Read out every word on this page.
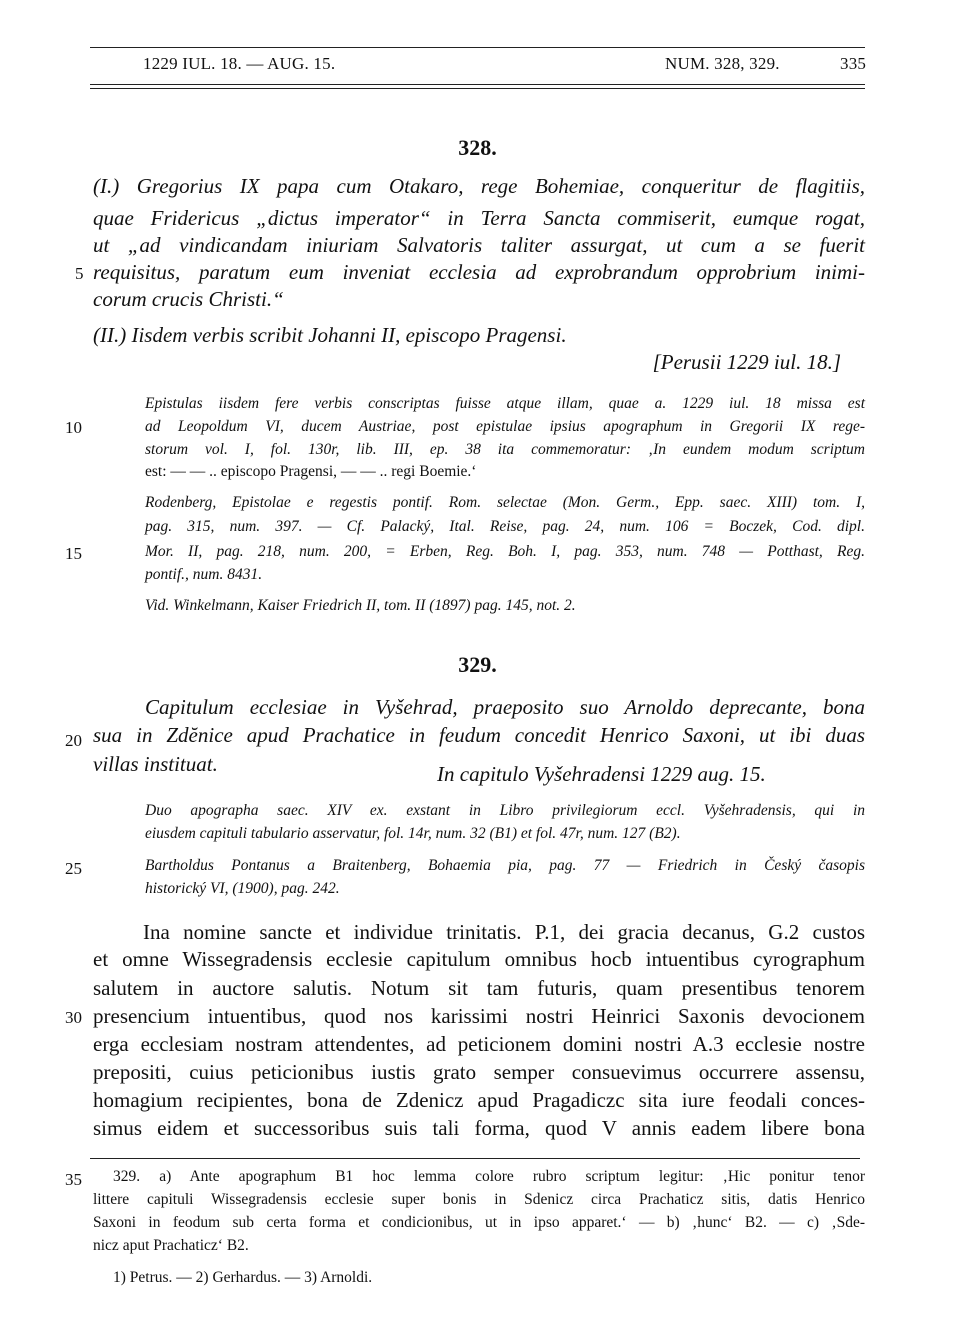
1229 IUL. 18. — AUG. 15.	NUM. 328, 329.	335
328.
(I.) Gregorius IX papa cum Otakaro, rege Bohemiae, conqueritur de flagitiis,
quae Fridericus „dictus imperator“ in Terra Sancta commiserit, eumque rogat,
ut „ad vindicandam iniuriam Salvatoris taliter assurgat, ut cum a se fuerit
5 requisitus, paratum eum inveniat ecclesia ad exprobrandum opprobrium inimi-
corum crucis Christi.“
(II.) Iisdem verbis scribit Johanni II, episcopo Pragensi.
[Perusii 1229 iul. 18.]
10
Epistulas iisdem fere verbis conscriptas fuisse atque illam, quae a. 1229 iul. 18 missa est
ad Leopoldum VI, ducem Austriae, post epistulae ipsius apographum in Gregorii IX rege-
storum vol. I, fol. 130r, lib. III, ep. 38 ita commemoratur: ‚In eundem modum scriptum
est: — — .. episcopo Pragensi, — — .. regi Boemie.‘
Rodenberg, Epistolae e regestis pontif. Rom. selectae (Mon. Germ., Epp. saec. XIII) tom. I,
pag. 315, num. 397. — Cf. Palacký, Ital. Reise, pag. 24, num. 106 = Boczek, Cod. dipl.
15	Mor. II, pag. 218, num. 200, = Erben, Reg. Boh. I, pag. 353, num. 748 — Potthast, Reg.
pontif., num. 8431.
Vid. Winkelmann, Kaiser Friedrich II, tom. II (1897) pag. 145, not. 2.
329.
Capitulum ecclesiae in Vyšehrad, praeposito suo Arnoldo deprecante, bona
20 sua in Zdĕnice apud Prachatice in feudum concedit Henrico Saxoni, ut ibi duas
villas instituat.	In capitulo Vyšehradensi 1229 aug. 15.
Duo apographa saec. XIV ex. exstant in Libro privilegiorum eccl. Vyšehradensis, qui in
eiusdem capituli tabulario asservatur, fol. 14r, num. 32 (B1) et fol. 47r, num. 127 (B2).
25	Bartholdus Pontanus a Braitenberg, Bohaemia pia, pag. 77 — Friedrich in Český časopis
historický VI, (1900), pag. 242.
Ina nomine sancte et individue trinitatis. P.1, dei gracia decanus, G.2 custos
et omne Wissegradensis ecclesie capitulum omnibus hocb intuentibus cyrographum
salutem in auctore salutis. Notum sit tam futuris, quam presentibus tenorem
30 presencium intuentibus, quod nos karissimi nostri Heinrici Saxonis devocionem
erga ecclesiam nostram attendentes, ad peticionem domini nostri A.3 ecclesie nostre
prepositi, cuius peticionibus iustis grato semper consuevimus occurrere assensu,
homagium recipientes, bona de Zdenicz apud Pragadiczc sita iure feodali conces-
simus eidem et successoribus suis tali forma, quod V annis eadem libere bona
35 329. a) Ante apographum B1 hoc lemma colore rubro scriptum legitur: ‚Hic ponitur tenor
littere capituli Wissegradensis ecclesie super bonis in Sdenicz circa Prachaticz sitis, datis Henrico
Saxoni in feodum sub certa forma et condicionibus, ut in ipso apparet.‘ — b) ‚hunc‘ B2. — c) ‚Sde-
nicz aput Prachaticz‘ B2.
1) Petrus. — 2) Gerhardus. — 3) Arnoldi.
